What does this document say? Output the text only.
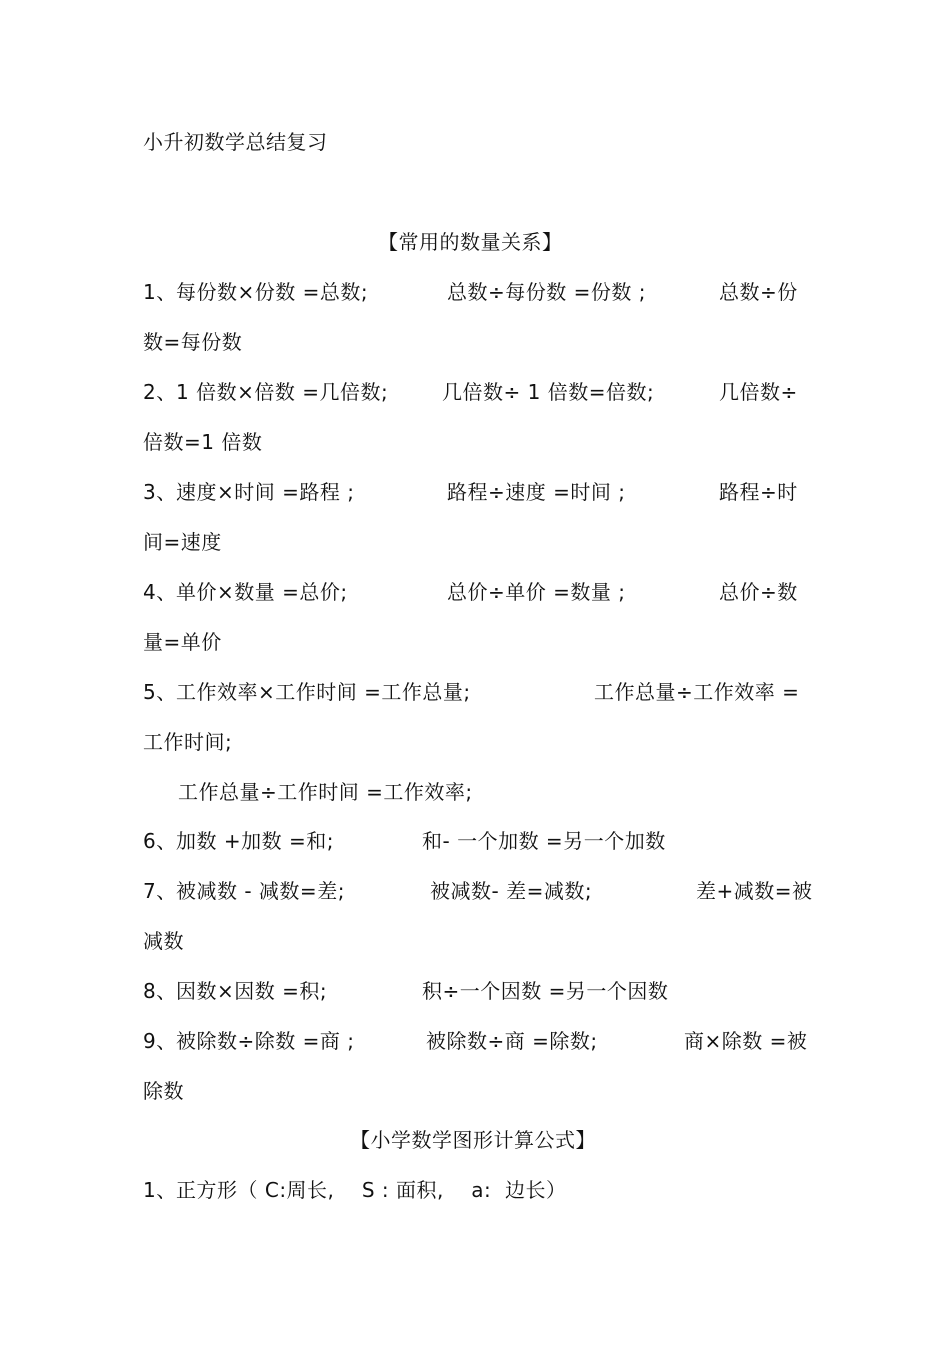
小升初数学总结复习
【常用的数量关系】
1、 每份数×份数 =总数;	总数÷每份数 =份数 ;	总数÷份
数=每份数
2、 1 倍数×倍数 =几倍数;	几倍数÷ 1 倍数=倍数;	几倍数÷
倍数=1 倍数
3、 速度×时间 =路程 ;	路程÷速度 =时间 ;	路程÷时
间=速度
4、 单价×数量 =总价;	总价÷单价 =数量 ;	总价÷数
量=单价
5、 工作效率×工作时间 =工作总量;	工作总量÷工作效率 =
工作时间;
工作总量÷工作时间 =工作效率;
6、 加数 +加数 =和;	和- 一个加数 =另一个加数
7、 被减数 - 减数=差;	被减数- 差=减数;	差+减数=被
减数
8、 因数×因数 =积;	积÷一个因数 =另一个因数
9、 被除数÷除数 =商 ;	被除数÷商 =除数;	商×除数 =被
除数
【小学数学图形计算公式】
1、 正方形（ C:周长,    S : 面积,    a:  边长）
